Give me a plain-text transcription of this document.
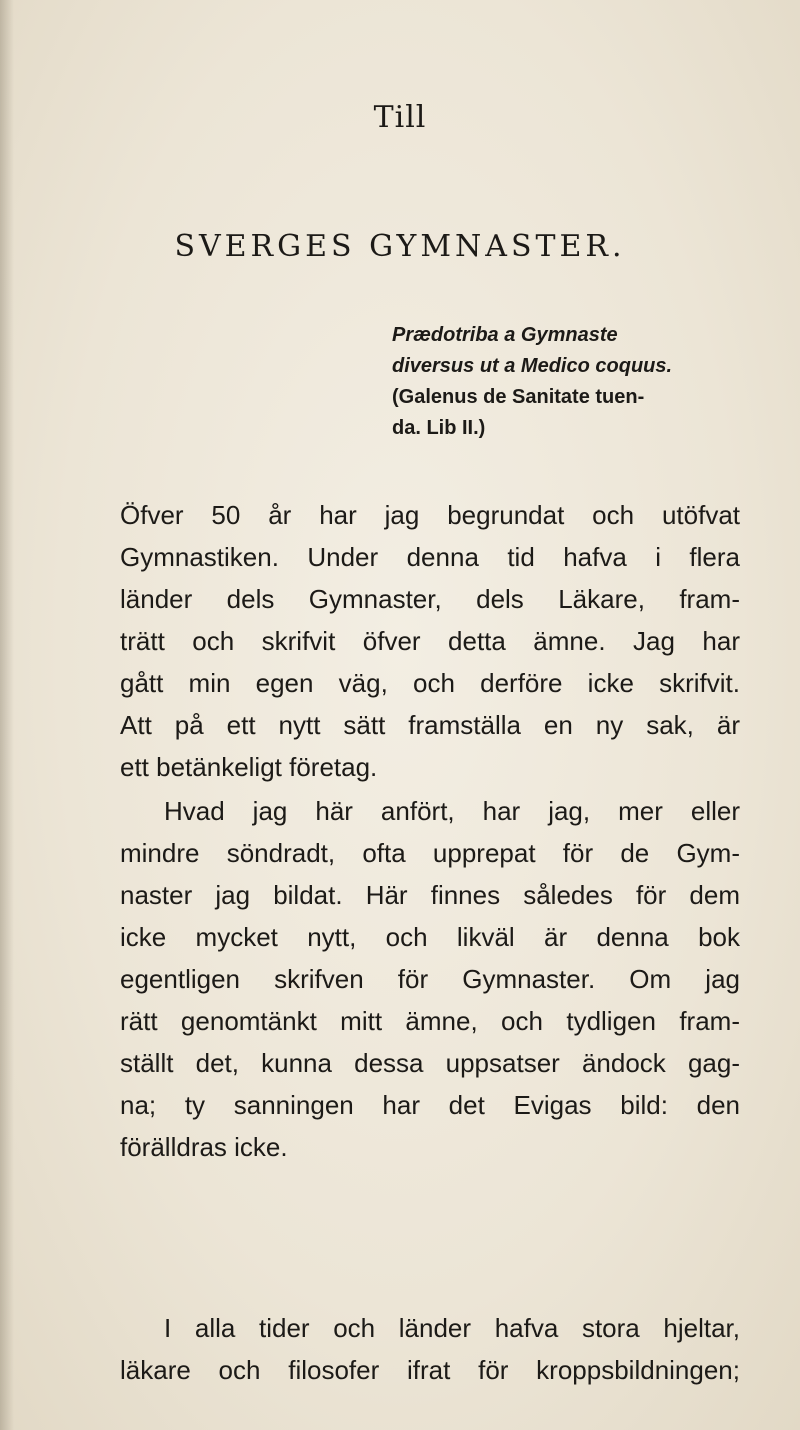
Till
SVERGES GYMNASTER.
Prædotriba a Gymnaste
diversus ut a Medico coquus.
(Galenus de Sanitate tuen-
da. Lib II.)
Öfver 50 år har jag begrundat och utöfvat
Gymnastiken. Under denna tid hafva i flera
länder dels Gymnaster, dels Läkare, fram-
trätt och skrifvit öfver detta ämne. Jag har
gått min egen väg, och derföre icke skrifvit.
Att på ett nytt sätt framställa en ny sak, är
ett betänkeligt företag.
Hvad jag här anfört, har jag, mer eller
mindre söndradt, ofta upprepat för de Gym-
naster jag bildat. Här finnes således för dem
icke mycket nytt, och likväl är denna bok
egentligen skrifven för Gymnaster. Om jag
rätt genomtänkt mitt ämne, och tydligen fram-
ställt det, kunna dessa uppsatser ändock gag-
na; ty sanningen har det Evigas bild: den
förälldras icke.
I alla tider och länder hafva stora hjeltar,
läkare och filosofer ifrat för kroppsbildningen;
